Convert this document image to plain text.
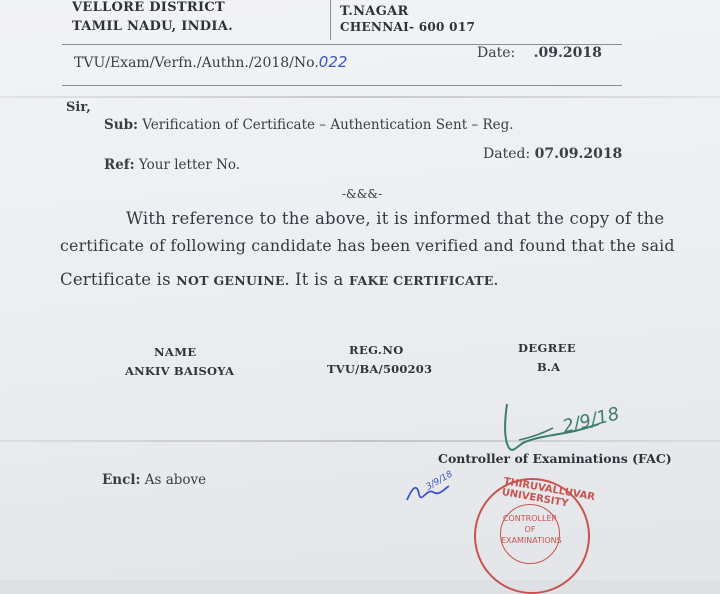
VELLORE DISTRICT
TAMIL NADU, INDIA.
T.NAGAR
CHENNAI- 600 017
TVU/Exam/Verfn./Authn./2018/No.022	Date: .09.2018
Sir,
Sub: Verification of Certificate – Authentication Sent – Reg.
Ref: Your letter No.
Dated: 07.09.2018
-&&&-
With reference to the above, it is informed that the copy of the
certificate of following candidate has been verified and found that the said
Certificate is NOT GENUINE. It is a FAKE CERTIFICATE.
NAME	REG.NO	DEGREE
ANKIV BAISOYA	TVU/BA/500203	B.A
2/9/18
Controller of Examinations (FAC)
Encl: As above	3/9/18	THIRUVALLUVAR UNIVERSITY
CONTROLLER OF EXAMINATIONS
